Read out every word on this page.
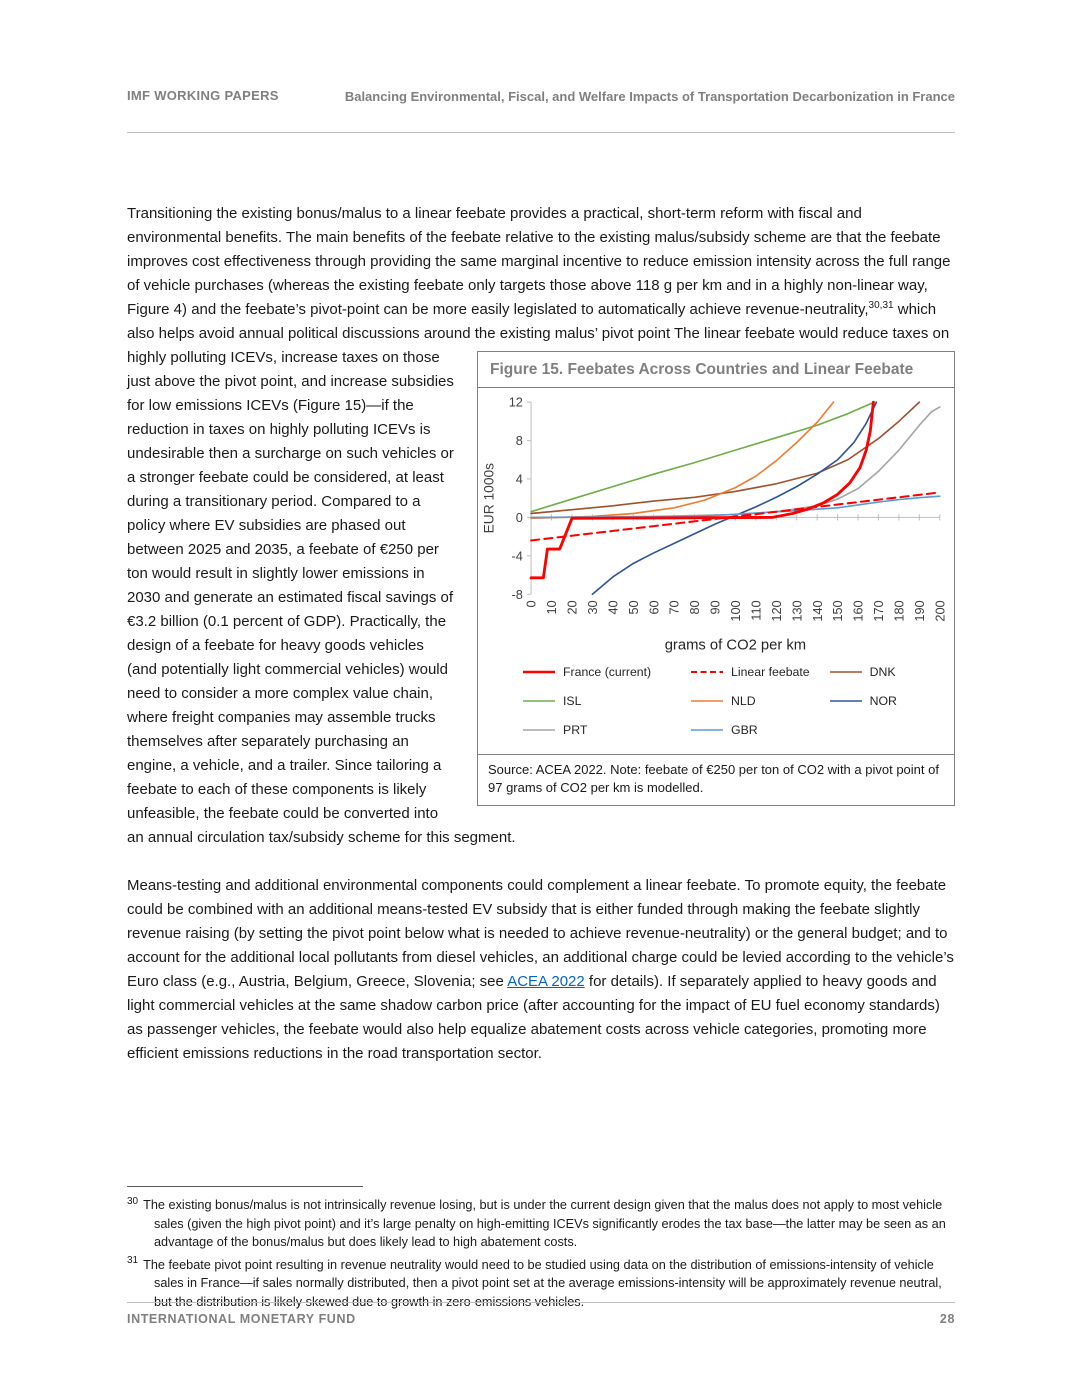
IMF WORKING PAPERS	Balancing Environmental, Fiscal, and Welfare Impacts of Transportation Decarbonization in France
Transitioning the existing bonus/malus to a linear feebate provides a practical, short-term reform with fiscal and environmental benefits. The main benefits of the feebate relative to the existing malus/subsidy scheme are that the feebate improves cost effectiveness through providing the same marginal incentive to reduce emission intensity across the full range of vehicle purchases (whereas the existing feebate only targets those above 118 g per km and in a highly non-linear way, Figure 4) and the feebate’s pivot-point can be more easily legislated to automatically achieve revenue-neutrality,$^{30,31}$ which also helps avoid annual political discussions around the
Figure 15. Feebates Across Countries and Linear Feebate
-8
-4
0
4
8
12
0 10 20 30 40 50 60 70 80 90 100 110 120 130 140 150 160 170 180 190 200
EUR 1000s
grams of CO2 per km
France (current)	Linear feebate	DNK
ISL	NLD	NOR
PRT	GBR
Source: ACEA 2022. Note: feebate of €250 per ton of CO2 with a pivot point of 97 grams of CO2 per km is modelled.
existing malus’ pivot point The linear feebate would reduce taxes on highly polluting ICEVs, increase taxes on those just above the pivot point, and increase subsidies for low emissions ICEVs (Figure 15)—if the reduction in taxes on highly polluting ICEVs is undesirable then a surcharge on such vehicles or a stronger feebate could be considered, at least during a transitionary period. Compared to a policy where EV subsidies are phased out between 2025 and 2035, a feebate of €250 per ton would result in slightly lower emissions in 2030 and generate an estimated fiscal savings of €3.2 billion (0.1 percent of GDP). Practically, the design of a feebate for heavy goods vehicles (and potentially light commercial vehicles) would need to consider a more complex value chain, where freight companies may assemble trucks themselves after separately purchasing an engine, a vehicle, and a trailer. Since tailoring a feebate to each of these components is likely unfeasible, the feebate could be converted into an annual circulation tax/subsidy scheme for this segment.
Means-testing and additional environmental components could complement a linear feebate. To promote equity, the feebate could be combined with an additional means-tested EV subsidy that is either funded through making the feebate slightly revenue raising (by setting the pivot point below what is needed to achieve revenue-neutrality) or the general budget; and to account for the additional local pollutants from diesel vehicles, an additional charge could be levied according to the vehicle’s Euro class (e.g., Austria, Belgium, Greece, Slovenia; see ACEA 2022 for details). If separately applied to heavy goods and light commercial vehicles at the same shadow carbon price (after accounting for the impact of EU fuel economy standards) as passenger vehicles, the feebate would also help equalize abatement costs across vehicle categories, promoting more efficient emissions reductions in the road transportation sector.
$^{30}$ The existing bonus/malus is not intrinsically revenue losing, but is under the current design given that the malus does not apply to most vehicle sales (given the high pivot point) and it’s large penalty on high-emitting ICEVs significantly erodes the tax base—the latter may be seen as an advantage of the bonus/malus but does likely lead to high abatement costs.
$^{31}$ The feebate pivot point resulting in revenue neutrality would need to be studied using data on the distribution of emissions-intensity of vehicle sales in France—if sales normally distributed, then a pivot point set at the average emissions-intensity will be approximately revenue neutral, but the distribution is likely skewed due to growth in zero-emissions vehicles.
INTERNATIONAL MONETARY FUND	28
